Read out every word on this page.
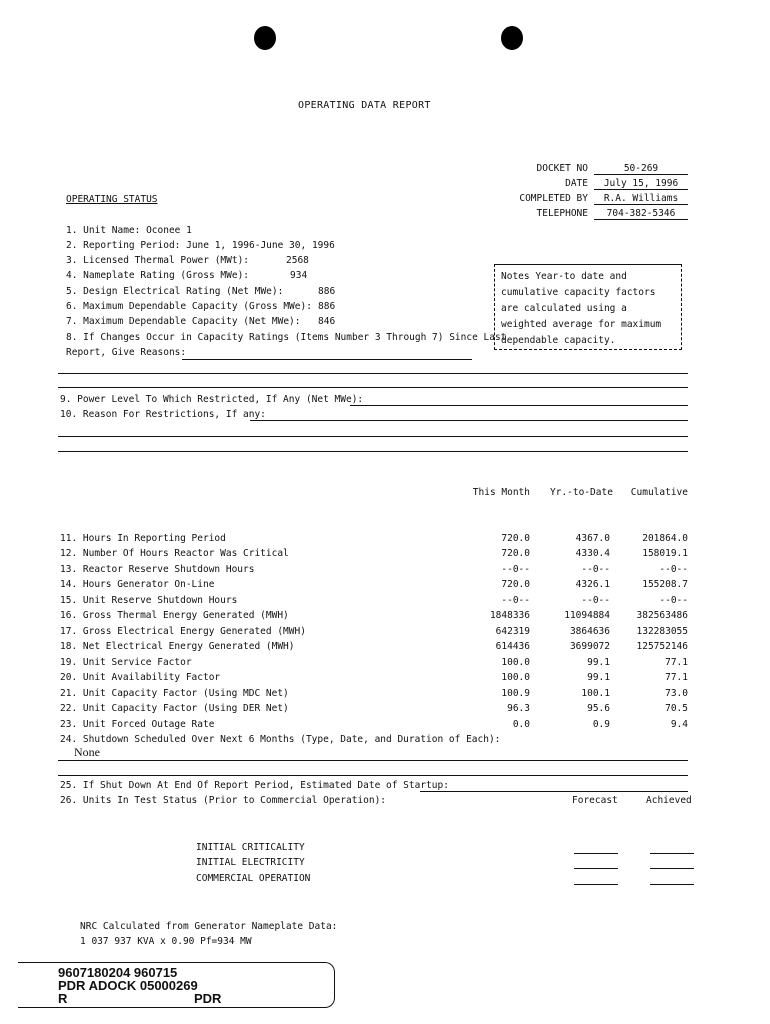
OPERATING DATA REPORT
DOCKET NO	50-269
DATE	July 15, 1996
COMPLETED BY	R.A. Williams
TELEPHONE	704-382-5346
OPERATING STATUS
1. Unit Name: Oconee 1
2. Reporting Period: June 1, 1996-June 30, 1996
3. Licensed Thermal Power (MWt):	2568
4. Nameplate Rating (Gross MWe):	934
5. Design Electrical Rating (Net MWe):	886
6. Maximum Dependable Capacity (Gross MWe): 886
7. Maximum Dependable Capacity (Net MWe): 846
8. If Changes Occur in Capacity Ratings (Items Number 3 Through 7) Since Last
Report, Give Reasons:
Notes Year-to date and cumulative capacity factors are calculated using a weighted average for maximum dependable capacity.
9. Power Level To Which Restricted, If Any (Net MWe):
10. Reason For Restrictions, If any:
This Month Yr.-to-Date	Cumulative
11. Hours In Reporting Period	720.0	4367.0	201864.0
12. Number Of Hours Reactor Was Critical	720.0	4330.4	158019.1
13. Reactor Reserve Shutdown Hours	--0--	--0--	--0--
14. Hours Generator On-Line	720.0	4326.1	155208.7
15. Unit Reserve Shutdown Hours	--0--	--0--	--0--
16. Gross Thermal Energy Generated (MWH)	1848336	11094884	382563486
17. Gross Electrical Energy Generated (MWH)	642319	3864636	132283055
18. Net Electrical Energy Generated (MWH)	614436	3699072	125752146
19. Unit Service Factor	100.0	99.1	77.1
20. Unit Availability Factor	100.0	99.1	77.1
21. Unit Capacity Factor (Using MDC Net)	100.9	100.1	73.0
22. Unit Capacity Factor (Using DER Net)	96.3	95.6	70.5
23. Unit Forced Outage Rate	0.0	0.9	9.4
24. Shutdown Scheduled Over Next 6 Months (Type, Date, and Duration of Each):
None
25. If Shut Down At End Of Report Period, Estimated Date of Startup:
26. Units In Test Status (Prior to Commercial Operation):	Forecast	Achieved
INITIAL CRITICALITY
INITIAL ELECTRICITY
COMMERCIAL OPERATION
NRC Calculated from Generator Nameplate Data:
1 037 937 KVA x 0.90 Pf=934 MW
9607180204 960715
PDR ADOCK 05000269
R	PDR
